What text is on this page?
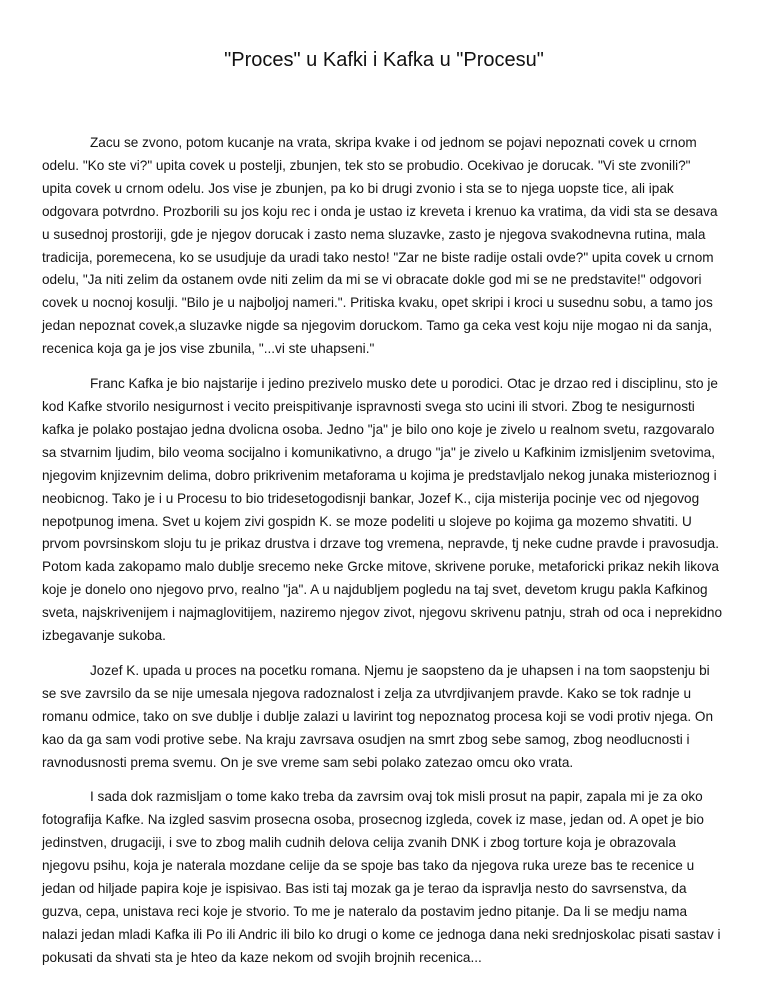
"Proces" u Kafki i Kafka u "Procesu"

Zacu se zvono, potom kucanje na vrata, skripa kvake i od jednom se pojavi nepoznati covek u crnom odelu. "Ko ste vi?" upita covek u postelji, zbunjen, tek sto se probudio. Ocekivao je dorucak. "Vi ste zvonili?" upita covek u crnom odelu. Jos vise je zbunjen, pa ko bi drugi zvonio i sta se to njega uopste tice, ali ipak odgovara potvrdno. Prozborili su jos koju rec i onda je ustao iz kreveta i krenuo ka vratima, da vidi sta se desava u susednoj prostoriji, gde je njegov dorucak i zasto nema sluzavke, zasto je njegova svakodnevna rutina, mala tradicija, poremecena, ko se usudjuje da uradi tako nesto! "Zar ne biste radije ostali ovde?" upita covek u crnom odelu, "Ja niti zelim da ostanem ovde niti zelim da mi se vi obracate dokle god mi se ne predstavite!" odgovori covek u nocnoj kosulji. "Bilo je u najboljoj nameri.". Pritiska kvaku, opet skripi i kroci u susednu sobu, a tamo jos jedan nepoznat covek,a sluzavke nigde sa njegovim doruckom. Tamo ga ceka vest koju nije mogao ni da sanja, recenica koja ga je jos vise zbunila, "...vi ste uhapseni."

Franc Kafka je bio najstarije i jedino prezivelo musko dete u porodici. Otac je drzao red i disciplinu, sto je kod Kafke stvorilo nesigurnost i vecito preispitivanje ispravnosti svega sto ucini ili stvori. Zbog te nesigurnosti kafka je polako postajao jedna dvolicna osoba. Jedno "ja" je bilo ono koje je zivelo u realnom svetu, razgovaralo sa stvarnim ljudim, bilo veoma socijalno i komunikativno, a drugo "ja" je zivelo u Kafkinim izmisljenim svetovima, njegovim knjizevnim delima, dobro prikrivenim metaforama u kojima je predstavljalo nekog junaka misterioznog i neobicnog. Tako je i u Procesu to bio tridesetogodisnji bankar, Jozef K., cija misterija pocinje vec od njegovog nepotpunog imena. Svet u kojem zivi gospidn K. se moze podeliti u slojeve po kojima ga mozemo shvatiti. U prvom povrsinskom sloju tu je prikaz drustva i drzave tog vremena, nepravde, tj neke cudne pravde i pravosudja. Potom kada zakopamo malo dublje srecemo neke Grcke mitove, skrivene poruke, metaforicki prikaz nekih likova koje je donelo ono njegovo prvo, realno "ja". A u najdubljem pogledu na taj svet, devetom krugu pakla Kafkinog sveta, najskrivenijem i najmaglovitijem, naziremo njegov zivot, njegovu skrivenu patnju, strah od oca i neprekidno izbegavanje sukoba.

Jozef K. upada u proces na pocetku romana. Njemu je saopsteno da je uhapsen i na tom saopstenju bi se sve zavrsilo da se nije umesala njegova radoznalost i zelja za utvrdjivanjem pravde. Kako se tok radnje u romanu odmice, tako on sve dublje i dublje zalazi u lavirint tog nepoznatog procesa koji se vodi protiv njega. On kao da ga sam vodi protive sebe. Na kraju zavrsava osudjen na smrt zbog sebe samog, zbog neodlucnosti i ravnodusnosti prema svemu. On je sve vreme sam sebi polako zatezao omcu oko vrata.

I sada dok razmisljam o tome kako treba da zavrsim ovaj tok misli prosut na papir, zapala mi je za oko fotografija Kafke. Na izgled sasvim prosecna osoba, prosecnog izgleda, covek iz mase, jedan od. A opet je bio jedinstven, drugaciji, i sve to zbog malih cudnih delova celija zvanih DNK i zbog torture koja je obrazovala njegovu psihu, koja je naterala mozdane celije da se spoje bas tako da njegova ruka ureze bas te recenice u jedan od hiljade papira koje je ispisivao. Bas isti taj mozak ga je terao da ispravlja nesto do savrsenstva, da guzva, cepa, unistava reci koje je stvorio. To me je nateralo da postavim jedno pitanje. Da li se medju nama nalazi jedan mladi Kafka ili Po ili Andric ili bilo ko drugi o kome ce jednoga dana neki srednjoskolac pisati sastav i pokusati da shvati sta je hteo da kaze nekom od svojih brojnih recenica...
